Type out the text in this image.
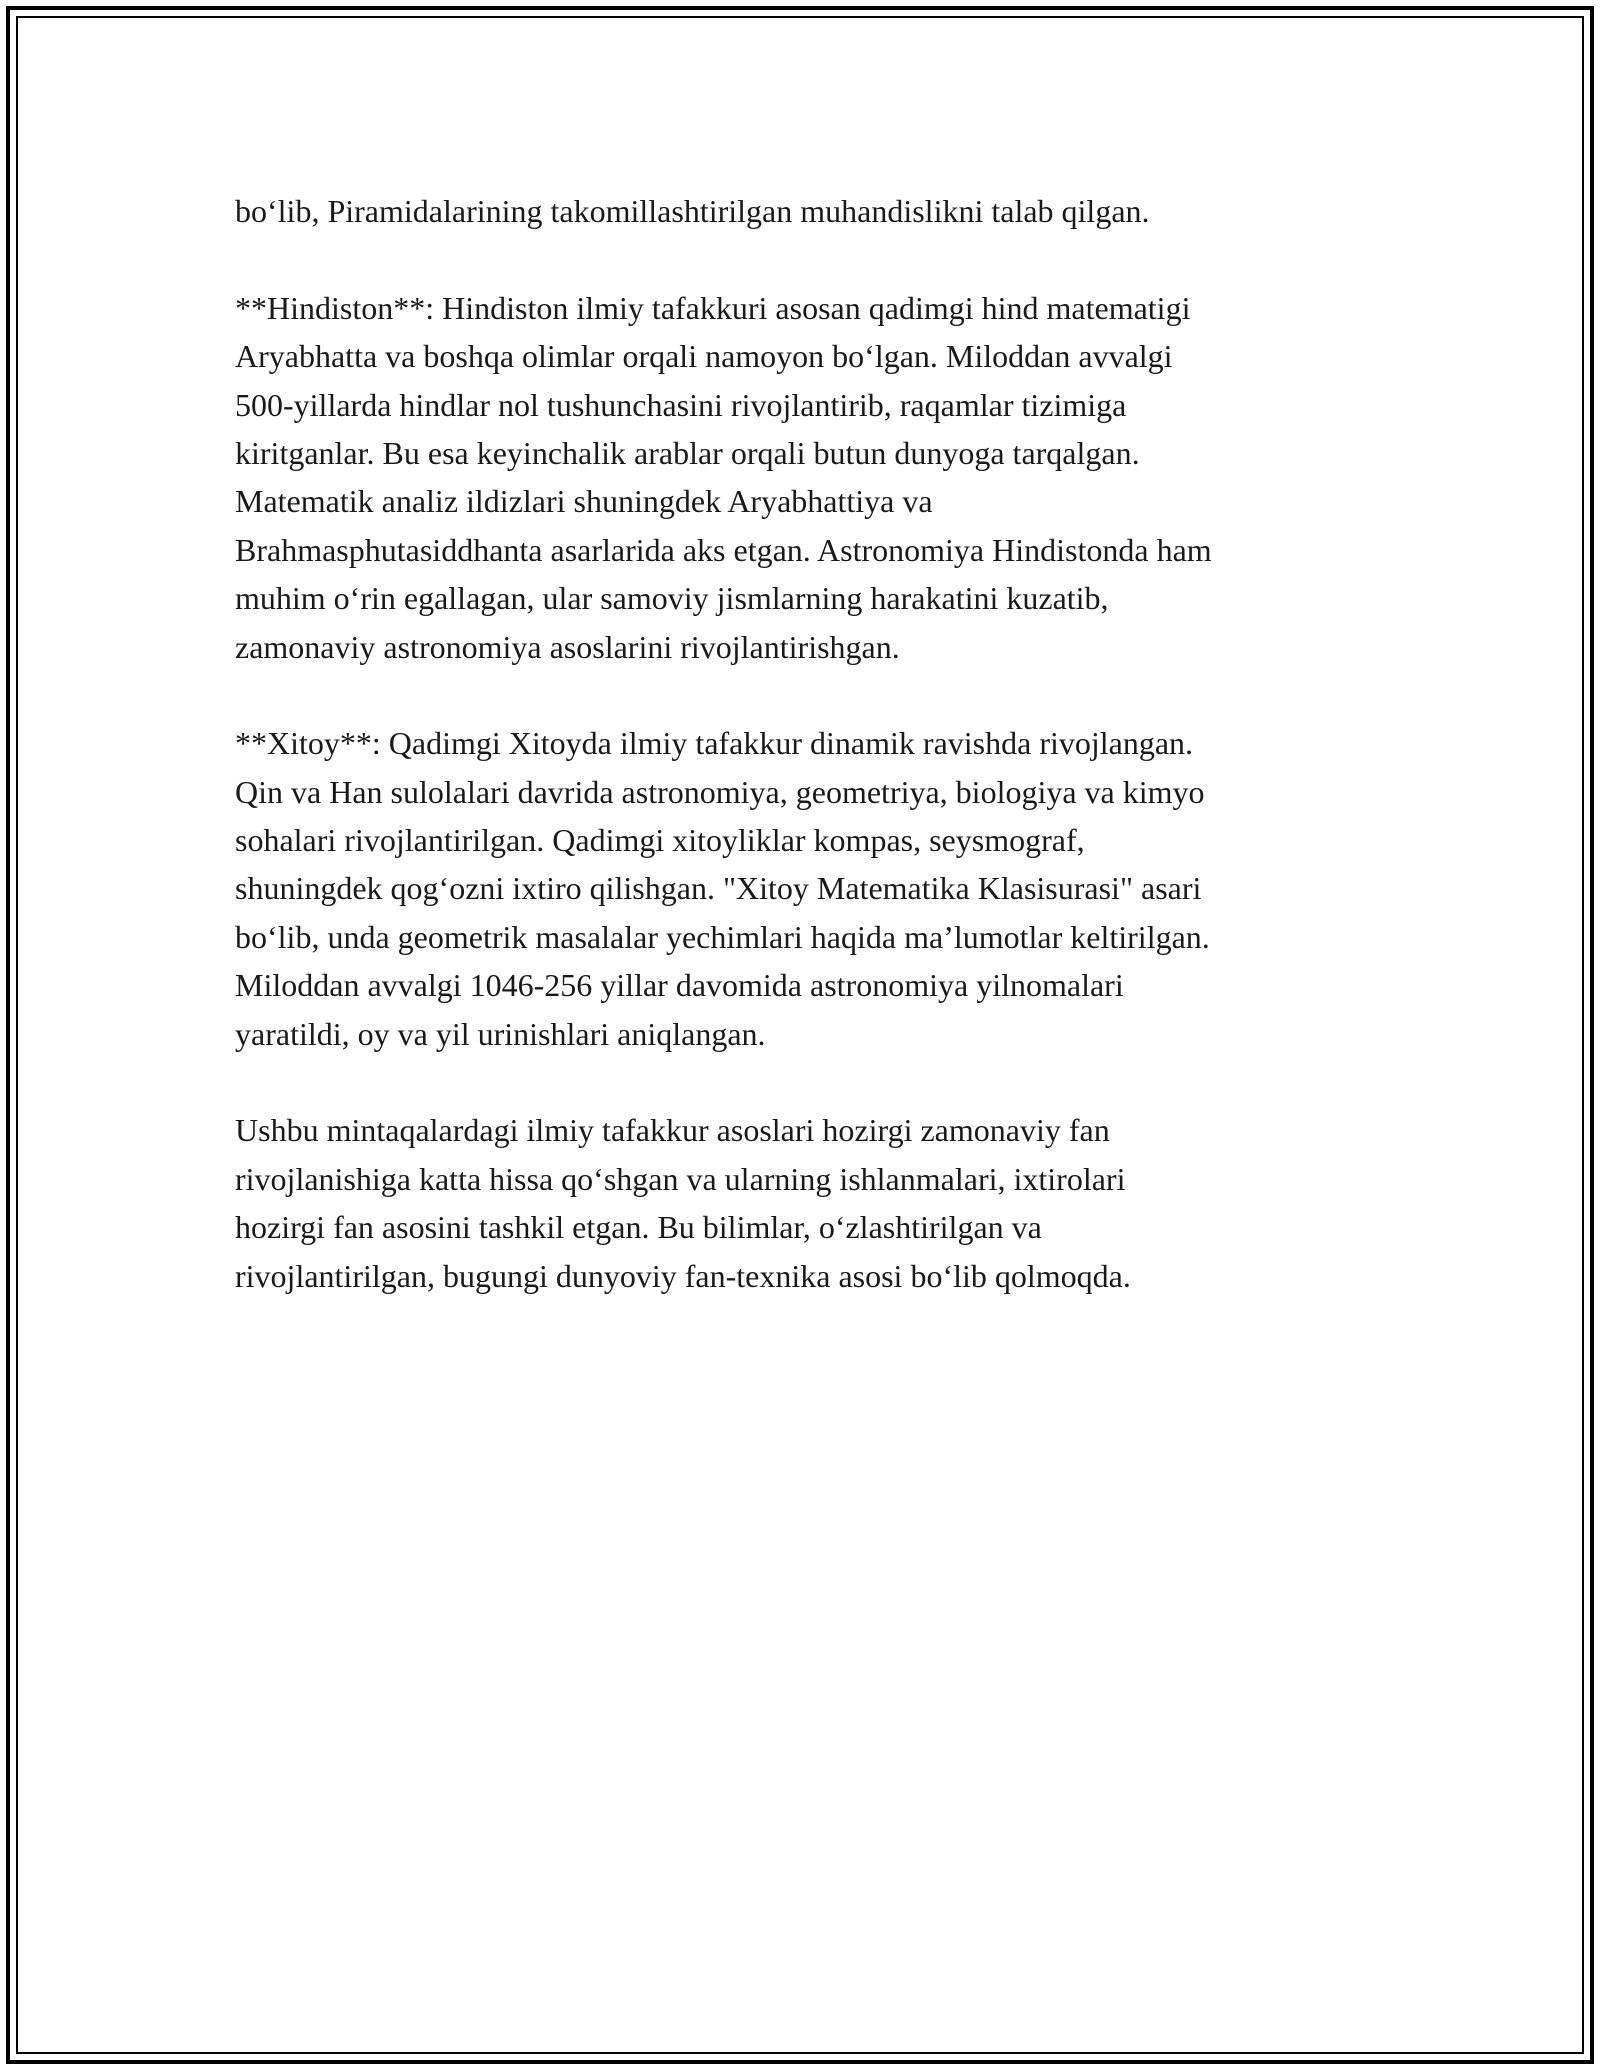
bo‘lib, Piramidalarining takomillashtirilgan muhandislikni talab qilgan.
**Hindiston**: Hindiston ilmiy tafakkuri asosan qadimgi hind matematigi
Aryabhatta va boshqa olimlar orqali namoyon bo‘lgan. Miloddan avvalgi
500-yillarda hindlar nol tushunchasini rivojlantirib, raqamlar tizimiga
kiritganlar. Bu esa keyinchalik arablar orqali butun dunyoga tarqalgan.
Matematik analiz ildizlari shuningdek Aryabhattiya va
Brahmasphutasiddhanta asarlarida aks etgan. Astronomiya Hindistonda ham
muhim o‘rin egallagan, ular samoviy jismlarning harakatini kuzatib,
zamonaviy astronomiya asoslarini rivojlantirishgan.
**Xitoy**: Qadimgi Xitoyda ilmiy tafakkur dinamik ravishda rivojlangan.
Qin va Han sulolalari davrida astronomiya, geometriya, biologiya va kimyo
sohalari rivojlantirilgan. Qadimgi xitoyliklar kompas, seysmograf,
shuningdek qog‘ozni ixtiro qilishgan. "Xitoy Matematika Klasisurasi" asari
bo‘lib, unda geometrik masalalar yechimlari haqida ma’lumotlar keltirilgan.
Miloddan avvalgi 1046-256 yillar davomida astronomiya yilnomalari
yaratildi, oy va yil urinishlari aniqlangan.
Ushbu mintaqalardagi ilmiy tafakkur asoslari hozirgi zamonaviy fan
rivojlanishiga katta hissa qo‘shgan va ularning ishlanmalari, ixtirolari
hozirgi fan asosini tashkil etgan. Bu bilimlar, o‘zlashtirilgan va
rivojlantirilgan, bugungi dunyoviy fan-texnika asosi bo‘lib qolmoqda.
